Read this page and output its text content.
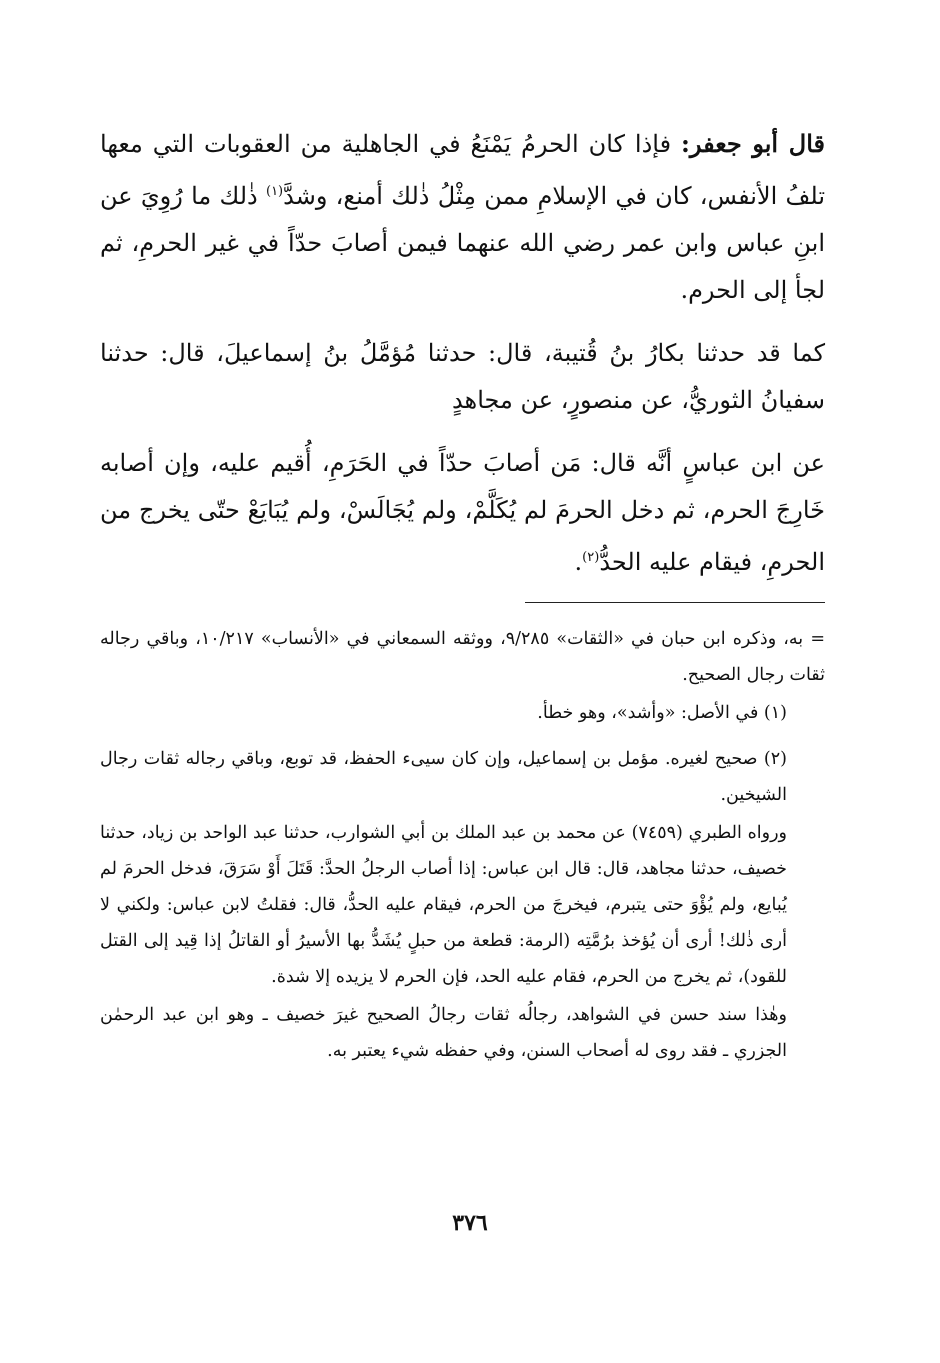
قال أبو جعفر: فإذا كان الحرمُ يَمْنَعُ في الجاهلية من العقوبات التي معها تلفُ الأنفس، كان في الإسلامِ ممن مِثْلُ ذٰلك أمنع، وشدَّ$^{(١)}$ ذٰلك ما رُوِيَ عن ابنِ عباس وابن عمر رضي الله عنهما فيمن أصابَ حدّاً في غير الحرمِ، ثم لجأ إلى الحرم.

كما قد حدثنا بكارُ بنُ قُتيبة، قال: حدثنا مُؤمَّلُ بنُ إسماعيلَ، قال: حدثنا سفيانُ الثوريُّ، عن منصورٍ، عن مجاهدٍ

عن ابن عباسٍ أنَّه قال: مَن أصابَ حدّاً في الحَرَمِ، أُقيم عليه، وإن أصابه خَارِجَ الحرم، ثم دخل الحرمَ لم يُكَلَّمْ، ولم يُجَالَسْ، ولم يُبَايَعْ حتّى يخرج من الحرمِ، فيقام عليه الحدُّ$^{(٢)}$.

= به، وذكره ابن حبان في «الثقات» ٩/٢٨٥، ووثقه السمعاني في «الأنساب» ١٠/٢١٧، وباقي رجاله ثقات رجال الصحيح.

(١) في الأصل: «وأشد»، وهو خطأ.

(٢) صحيح لغيره. مؤمل بن إسماعيل، وإن كان سيىء الحفظ، قد توبع، وباقي رجاله ثقات رجال الشيخين.

ورواه الطبري (٧٤٥٩) عن محمد بن عبد الملك بن أبي الشوارب، حدثنا عبد الواحد بن زياد، حدثنا خصيف، حدثنا مجاهد، قال: قال ابن عباس: إذا أصاب الرجلُ الحدَّ: قَتَلَ أَوْ سَرَقَ، فدخل الحرمَ لم يُبايع، ولم يُؤْوَ حتى يتبرم، فيخرجَ من الحرم، فيقام عليه الحدُّ، قال: فقلتُ لابن عباس: ولكني لا أرى ذٰلك! أرى أن يُؤخذ برُمَّتِه (الرمة: قطعة من حبلٍ يُشَدُّ بها الأسيرُ أو القاتلُ إذا قِيد إلى القتل للقود)، ثم يخرج من الحرم، فقام عليه الحد، فإن الحرم لا يزيده إلا شدة.

وهٰذا سند حسن في الشواهد، رجالُه ثقات رجالُ الصحيح غيرَ خصيف ـ وهو ابن عبد الرحمٰن الجزري ـ فقد روى له أصحاب السنن، وفي حفظه شيء يعتبر به.

٣٧٦
